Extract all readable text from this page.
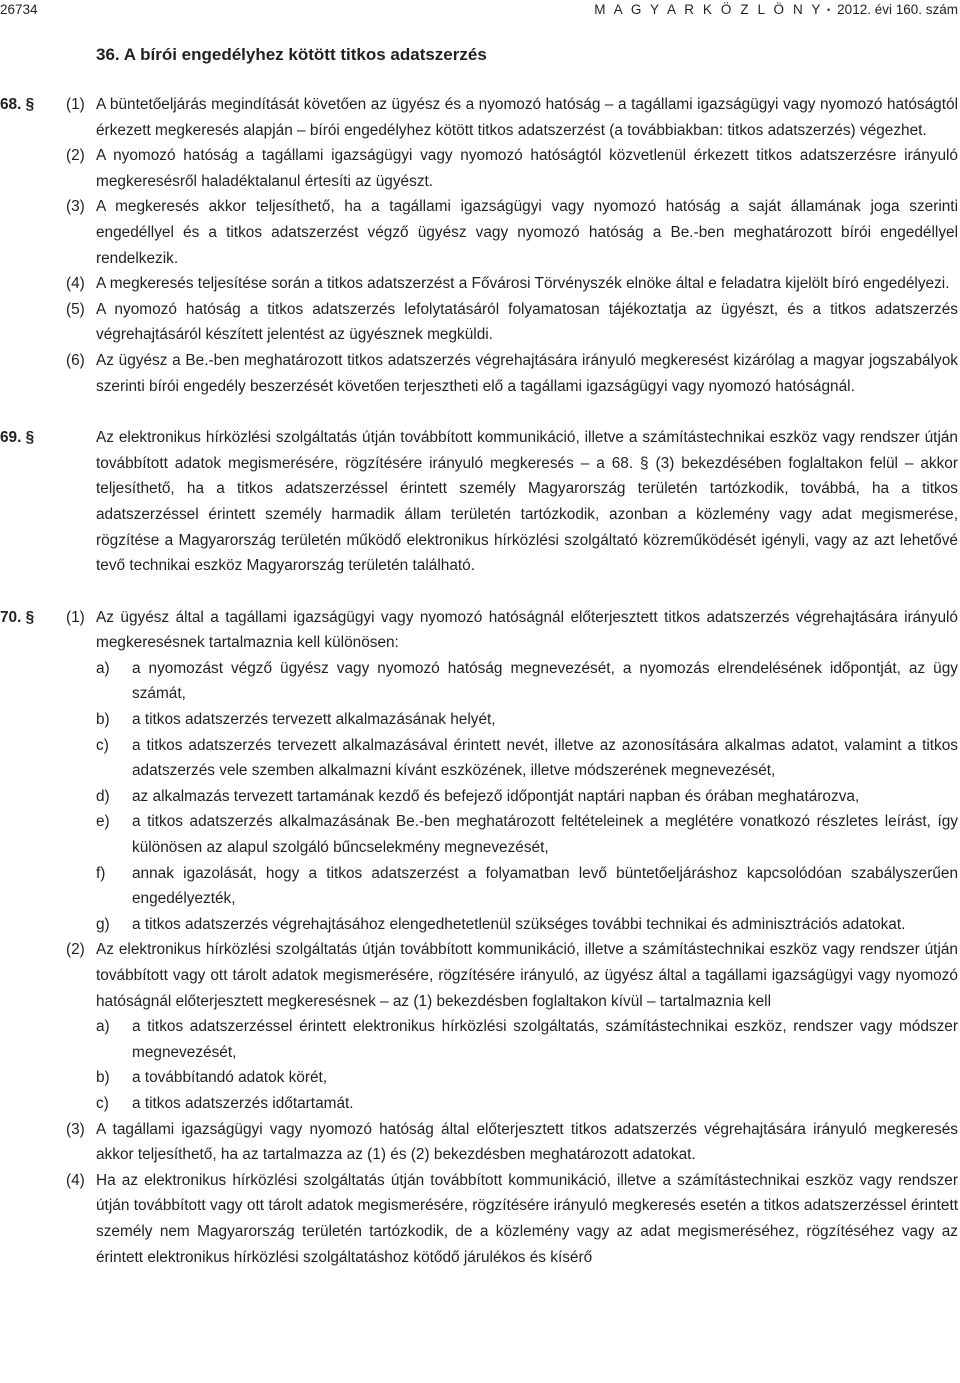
26734	M A G Y A R K Ö Z L Ö N Y • 2012. évi 160. szám
36. A bírói engedélyhez kötött titkos adatszerzés
68. § (1) A büntetőeljárás megindítását követően az ügyész és a nyomozó hatóság – a tagállami igazságügyi vagy nyomozó hatóságtól érkezett megkeresés alapján – bírói engedélyhez kötött titkos adatszerzést (a továbbiakban: titkos adatszerzés) végezhet.
(2) A nyomozó hatóság a tagállami igazságügyi vagy nyomozó hatóságtól közvetlenül érkezett titkos adatszerzésre irányuló megkeresésről haladéktalanul értesíti az ügyészt.
(3) A megkeresés akkor teljesíthető, ha a tagállami igazságügyi vagy nyomozó hatóság a saját államának joga szerinti engedéllyel és a titkos adatszerzést végző ügyész vagy nyomozó hatóság a Be.-ben meghatározott bírói engedéllyel rendelkezik.
(4) A megkeresés teljesítése során a titkos adatszerzést a Fővárosi Törvényszék elnöke által e feladatra kijelölt bíró engedélyezi.
(5) A nyomozó hatóság a titkos adatszerzés lefolytatásáról folyamatosan tájékoztatja az ügyészt, és a titkos adatszerzés végrehajtásáról készített jelentést az ügyésznek megküldi.
(6) Az ügyész a Be.-ben meghatározott titkos adatszerzés végrehajtására irányuló megkeresést kizárólag a magyar jogszabályok szerinti bírói engedély beszerzését követően terjesztheti elő a tagállami igazságügyi vagy nyomozó hatóságnál.
69. §	Az elektronikus hírközlési szolgáltatás útján továbbított kommunikáció, illetve a számítástechnikai eszköz vagy rendszer útján továbbított adatok megismerésére, rögzítésére irányuló megkeresés – a 68. § (3) bekezdésében foglaltakon felül – akkor teljesíthető, ha a titkos adatszerzéssel érintett személy Magyarország területén tartózkodik, továbbá, ha a titkos adatszerzéssel érintett személy harmadik állam területén tartózkodik, azonban a közlemény vagy adat megismerése, rögzítése a Magyarország területén működő elektronikus hírközlési szolgáltató közreműködését igényli, vagy az azt lehetővé tevő technikai eszköz Magyarország területén található.
70. § (1) Az ügyész által a tagállami igazságügyi vagy nyomozó hatóságnál előterjesztett titkos adatszerzés végrehajtására irányuló megkeresésnek tartalmaznia kell különösen:
a) a nyomozást végző ügyész vagy nyomozó hatóság megnevezését, a nyomozás elrendelésének időpontját, az ügy számát,
b) a titkos adatszerzés tervezett alkalmazásának helyét,
c) a titkos adatszerzés tervezett alkalmazásával érintett nevét, illetve az azonosítására alkalmas adatot, valamint a titkos adatszerzés vele szemben alkalmazni kívánt eszközének, illetve módszerének megnevezését,
d) az alkalmazás tervezett tartamának kezdő és befejező időpontját naptári napban és órában meghatározva,
e) a titkos adatszerzés alkalmazásának Be.-ben meghatározott feltételeinek a meglétére vonatkozó részletes leírást, így különösen az alapul szolgáló bűncselekmény megnevezését,
f) annak igazolását, hogy a titkos adatszerzést a folyamatban levő büntetőeljáráshoz kapcsolódóan szabályszerűen engedélyezték,
g) a titkos adatszerzés végrehajtásához elengedhetetlenül szükséges további technikai és adminisztrációs adatokat.
(2) Az elektronikus hírközlési szolgáltatás útján továbbított kommunikáció, illetve a számítástechnikai eszköz vagy rendszer útján továbbított vagy ott tárolt adatok megismerésére, rögzítésére irányuló, az ügyész által a tagállami igazságügyi vagy nyomozó hatóságnál előterjesztett megkeresésnek – az (1) bekezdésben foglaltakon kívül – tartalmaznia kell
a) a titkos adatszerzéssel érintett elektronikus hírközlési szolgáltatás, számítástechnikai eszköz, rendszer vagy módszer megnevezését,
b) a továbbítandó adatok körét,
c) a titkos adatszerzés időtartamát.
(3) A tagállami igazságügyi vagy nyomozó hatóság által előterjesztett titkos adatszerzés végrehajtására irányuló megkeresés akkor teljesíthető, ha az tartalmazza az (1) és (2) bekezdésben meghatározott adatokat.
(4) Ha az elektronikus hírközlési szolgáltatás útján továbbított kommunikáció, illetve a számítástechnikai eszköz vagy rendszer útján továbbított vagy ott tárolt adatok megismerésére, rögzítésére irányuló megkeresés esetén a titkos adatszerzéssel érintett személy nem Magyarország területén tartózkodik, de a közlemény vagy az adat megismeréséhez, rögzítéséhez vagy az érintett elektronikus hírközlési szolgáltatáshoz kötődő járulékos és kísérő
